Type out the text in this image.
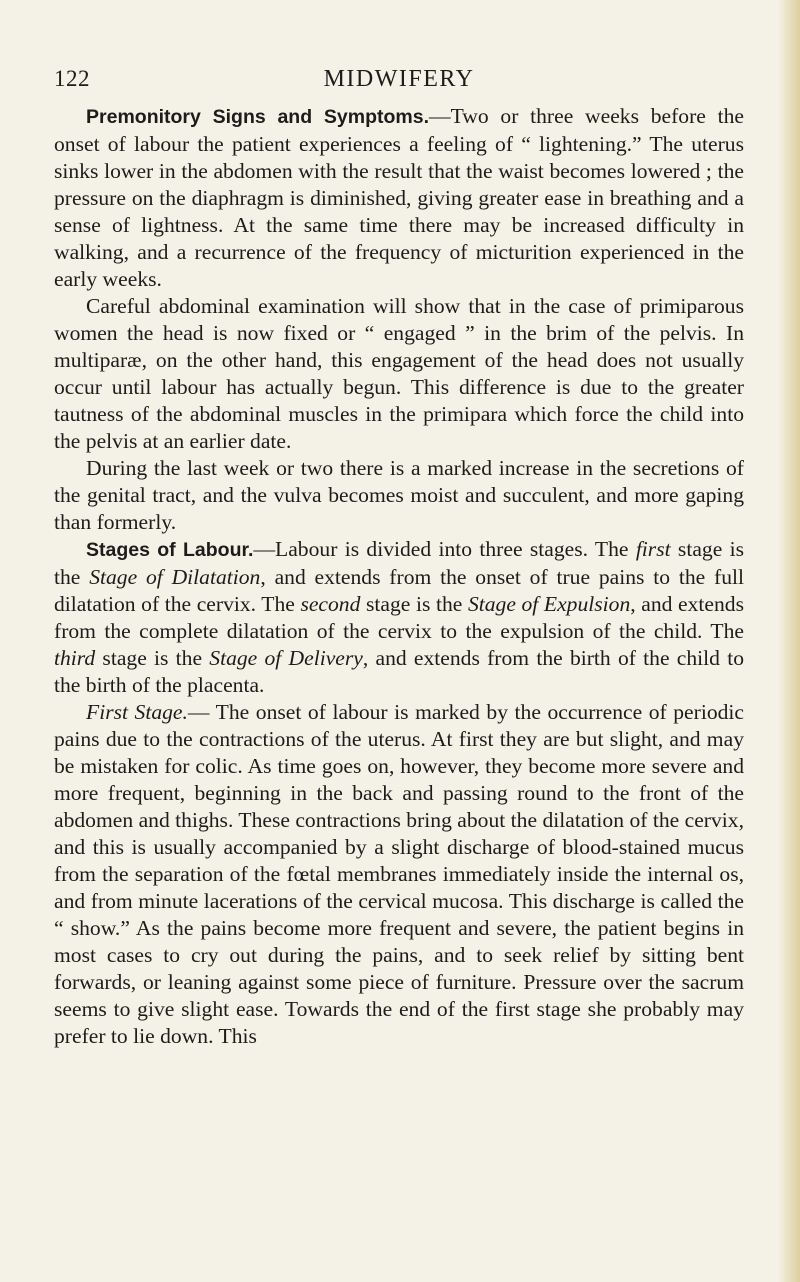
122	MIDWIFERY

Premonitory Signs and Symptoms.—Two or three weeks before the onset of labour the patient experiences a feeling of “ lightening.” The uterus sinks lower in the abdomen with the result that the waist becomes lowered ; the pressure on the diaphragm is diminished, giving greater ease in breathing and a sense of lightness. At the same time there may be increased difficulty in walking, and a recurrence of the frequency of micturition experienced in the early weeks.

Careful abdominal examination will show that in the case of primiparous women the head is now fixed or “ engaged ” in the brim of the pelvis. In multiparæ, on the other hand, this engagement of the head does not usually occur until labour has actually begun. This difference is due to the greater tautness of the abdominal muscles in the primipara which force the child into the pelvis at an earlier date.

During the last week or two there is a marked increase in the secretions of the genital tract, and the vulva becomes moist and succulent, and more gaping than formerly.

Stages of Labour.—Labour is divided into three stages. The first stage is the Stage of Dilatation, and extends from the onset of true pains to the full dilatation of the cervix. The second stage is the Stage of Expulsion, and extends from the complete dilatation of the cervix to the expulsion of the child. The third stage is the Stage of Delivery, and extends from the birth of the child to the birth of the placenta.

First Stage.— The onset of labour is marked by the occurrence of periodic pains due to the contractions of the uterus. At first they are but slight, and may be mistaken for colic. As time goes on, however, they become more severe and more frequent, beginning in the back and passing round to the front of the abdomen and thighs. These contractions bring about the dilatation of the cervix, and this is usually accompanied by a slight discharge of blood-stained mucus from the separation of the fœtal membranes immediately inside the internal os, and from minute lacerations of the cervical mucosa. This discharge is called the “ show.” As the pains become more frequent and severe, the patient begins in most cases to cry out during the pains, and to seek relief by sitting bent forwards, or leaning against some piece of furniture. Pressure over the sacrum seems to give slight ease. Towards the end of the first stage she probably may prefer to lie down. This
